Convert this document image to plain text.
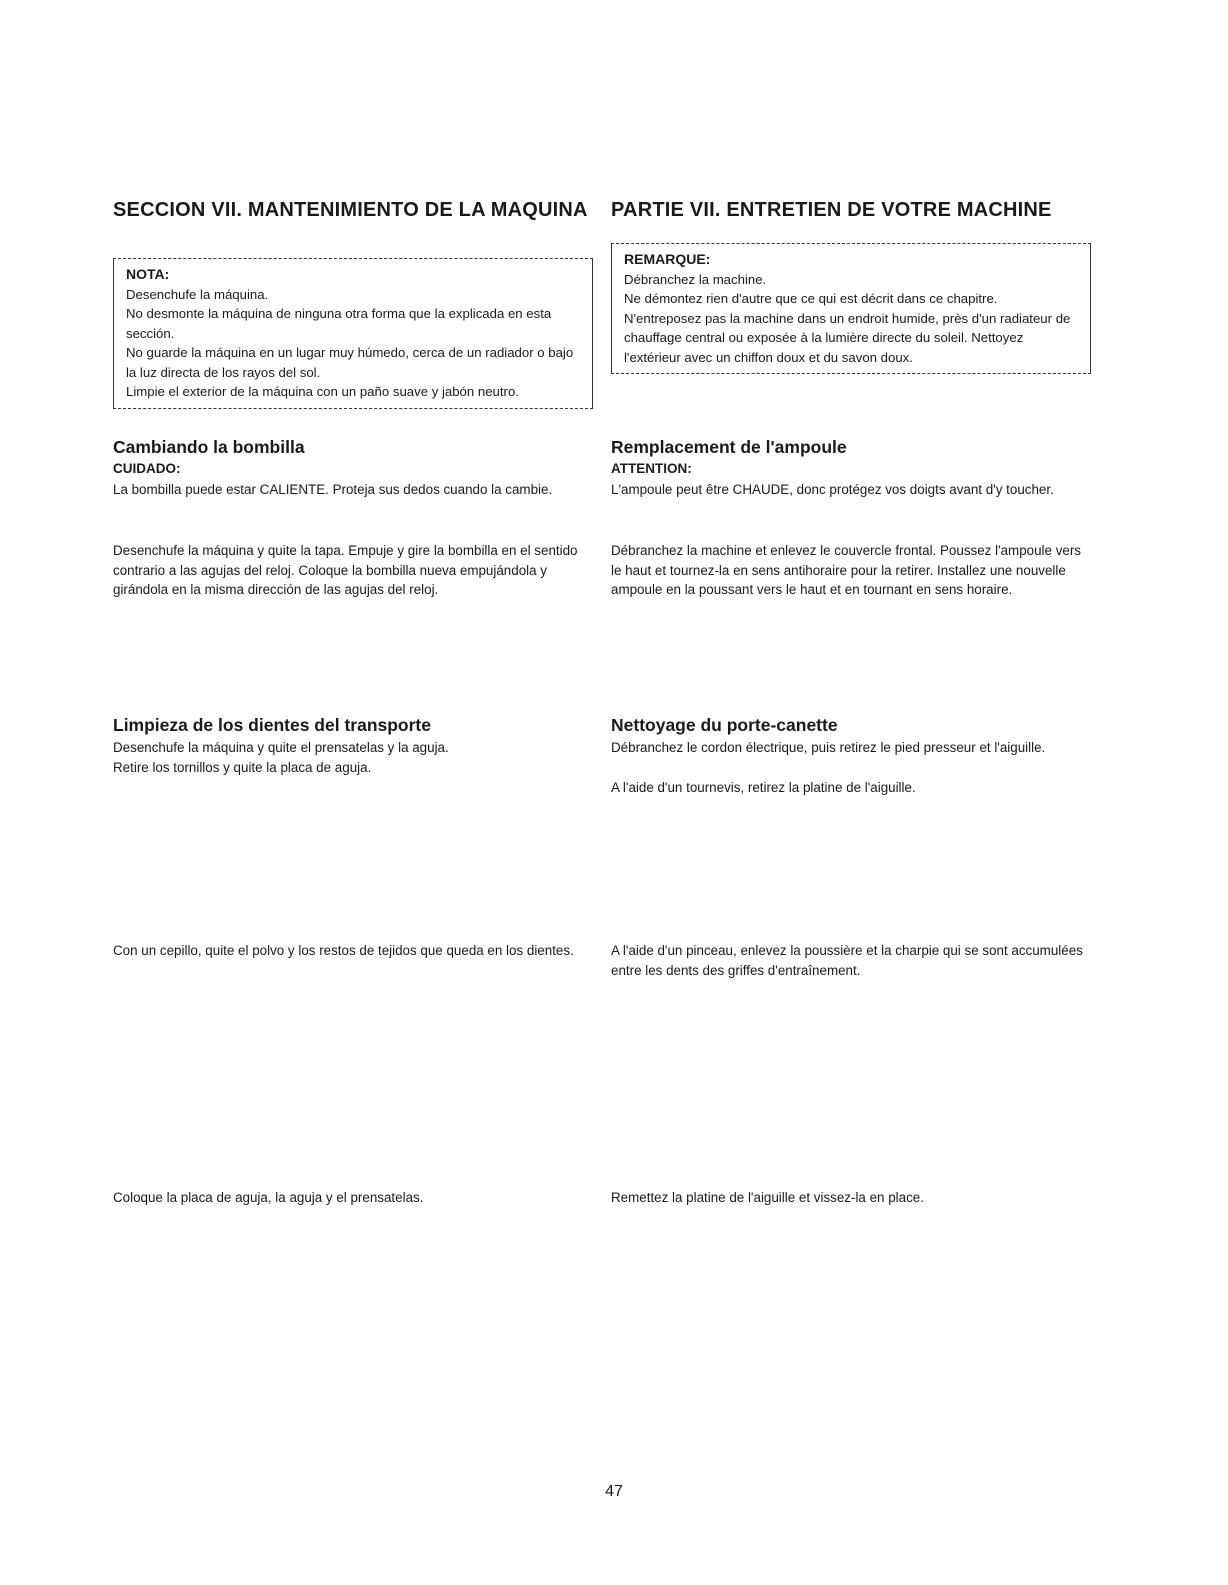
SECCION VII. MANTENIMIENTO DE LA MAQUINA

NOTA:

Desenchufe la máquina.

No desmonte la máquina de ninguna otra forma que la explicada en esta sección.

No guarde la máquina en un lugar muy húmedo, cerca de un radiador o bajo la luz directa de los rayos del sol.

Limpie el exterior de la máquina con un paño suave y jabón neutro.

Cambiando la bombilla

CUIDADO:

La bombilla puede estar CALIENTE. Proteja sus dedos cuando la cambie.

Desenchufe la máquina y quite la tapa. Empuje y gire la bombilla en el sentido contrario a las agujas del reloj. Coloque la bombilla nueva empujándola y girándola en la misma dirección de las agujas del reloj.

Limpieza de los dientes del transporte

Desenchufe la máquina y quite el prensatelas y la aguja.

Retire los tornillos y quite la placa de aguja.

Con un cepillo, quite el polvo y los restos de tejidos que queda en los dientes.

Coloque la placa de aguja, la aguja y el prensatelas.

PARTIE VII. ENTRETIEN DE VOTRE MACHINE

REMARQUE:

Débranchez la machine.

Ne démontez rien d'autre que ce qui est décrit dans ce chapitre.

N'entreposez pas la machine dans un endroit humide, près d'un radiateur de chauffage central ou exposée à la lumière directe du soleil. Nettoyez l'extérieur avec un chiffon doux et du savon doux.

Remplacement de l'ampoule

ATTENTION:

L'ampoule peut être CHAUDE, donc protégez vos doigts avant d'y toucher.

Débranchez la machine et enlevez le couvercle frontal. Poussez l'ampoule vers le haut et tournez-la en sens antihoraire pour la retirer. Installez une nouvelle ampoule en la poussant vers le haut et en tournant en sens horaire.

Nettoyage du porte-canette

Débranchez le cordon électrique, puis retirez le pied presseur et l'aiguille.

A l'aide d'un tournevis, retirez la platine de l'aiguille.

A l'aide d'un pinceau, enlevez la poussière et la charpie qui se sont accumulées entre les dents des griffes d'entraînement.

Remettez la platine de l'aiguille et vissez-la en place.

47
